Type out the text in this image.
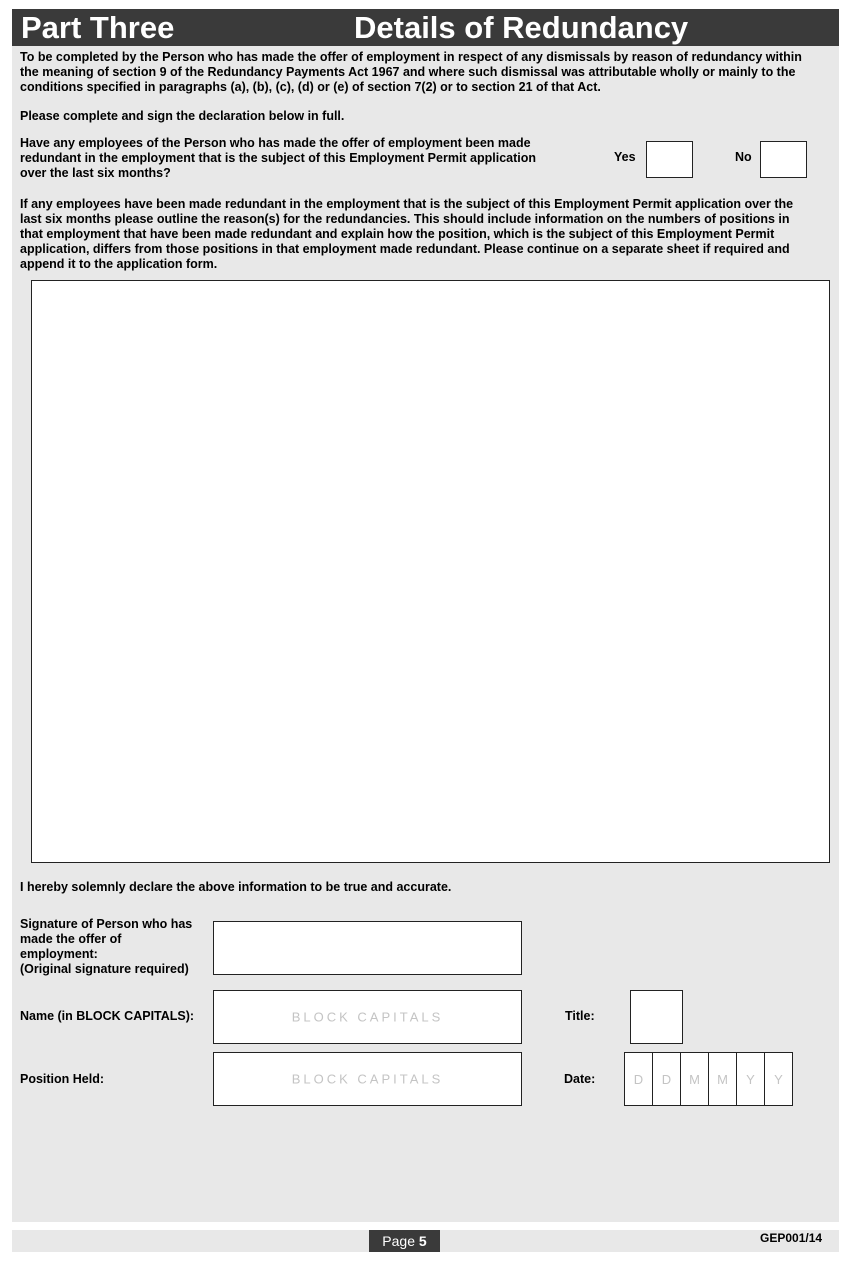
Part Three	Details of Redundancy
To be completed by the Person who has made the offer of employment in respect of any dismissals by reason of redundancy within
the meaning of section 9 of the Redundancy Payments Act 1967 and where such dismissal was attributable wholly or mainly to the
conditions specified in paragraphs (a), (b), (c), (d) or (e) of section 7(2) or to section 21 of that Act.
Please complete and sign the declaration below in full.
Have any employees of the Person who has made the offer of employment been made
redundant in the employment that is the subject of this Employment Permit application
over the last six months?
Yes	No
If any employees have been made redundant in the employment that is the subject of this Employment Permit application over the
last six months please outline the reason(s) for the redundancies. This should include information on the numbers of positions in
that employment that have been made redundant and explain how the position, which is the subject of this Employment Permit
application, differs from those positions in that employment made redundant. Please continue on a separate sheet if required and
append it to the application form.
I hereby solemnly declare the above information to be true and accurate.
Signature of Person who has
made the offer of
employment:
(Original signature required)
Name (in BLOCK CAPITALS):	BLOCK CAPITALS	Title:
Position Held:	BLOCK CAPITALS	Date:	D	D	M	M	Y	Y
Page 5	GEP001/14
